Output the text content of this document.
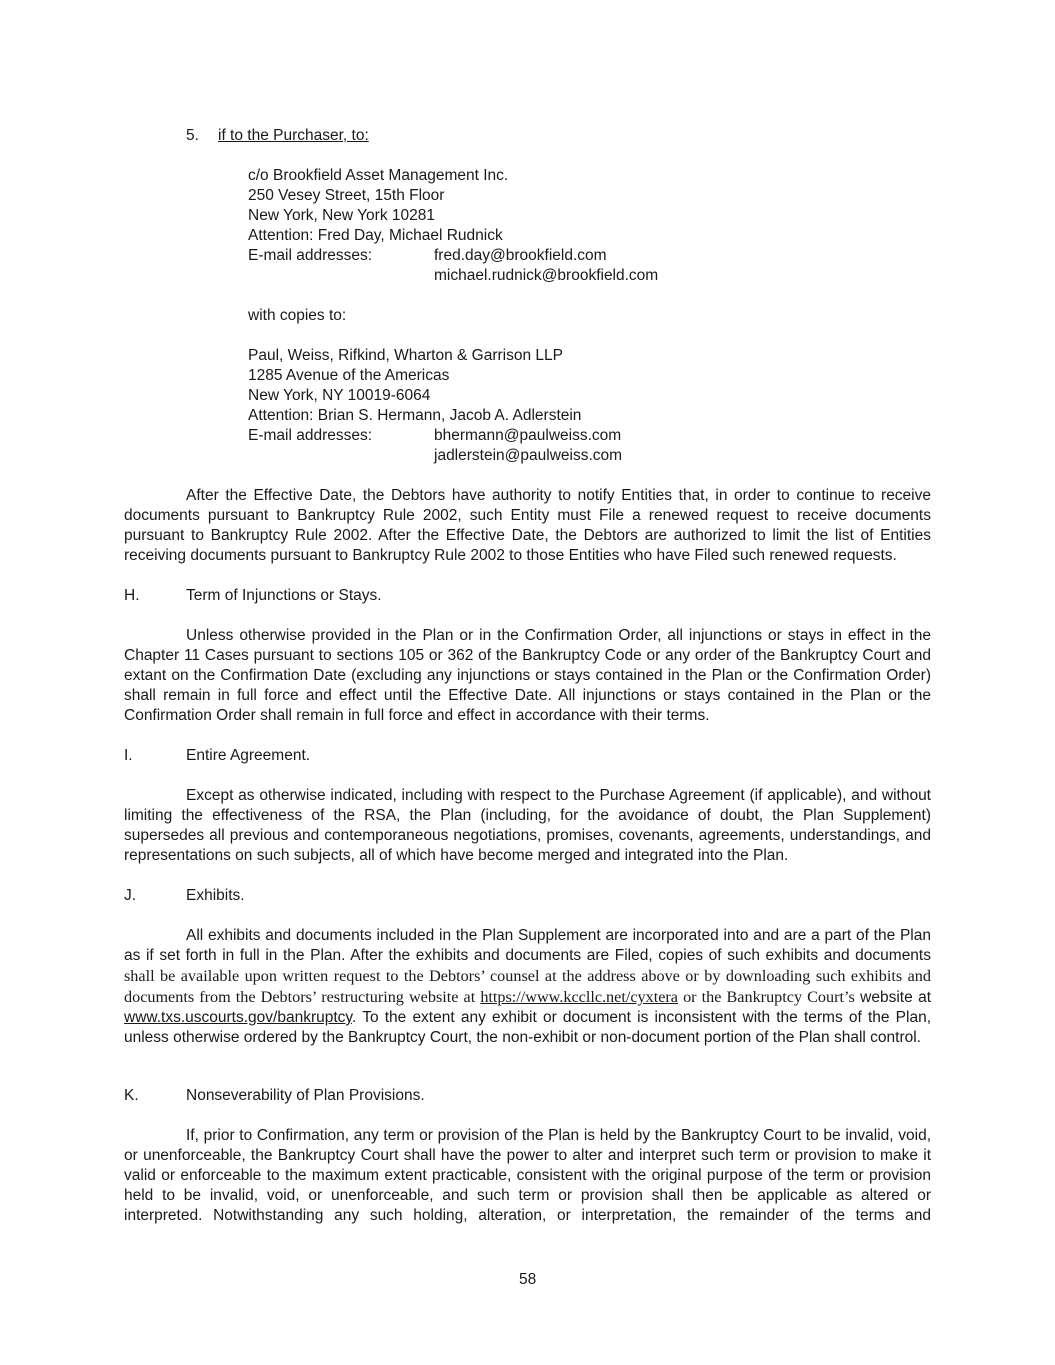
5. if to the Purchaser, to:
c/o Brookfield Asset Management Inc.
250 Vesey Street, 15th Floor
New York, New York 10281
Attention: Fred Day, Michael Rudnick
E-mail addresses:	fred.day@brookfield.com
michael.rudnick@brookfield.com
with copies to:
Paul, Weiss, Rifkind, Wharton & Garrison LLP
1285 Avenue of the Americas
New York, NY 10019-6064
Attention: Brian S. Hermann, Jacob A. Adlerstein
E-mail addresses:	bhermann@paulweiss.com
jadlerstein@paulweiss.com
After the Effective Date, the Debtors have authority to notify Entities that, in order to continue to receive documents pursuant to Bankruptcy Rule 2002, such Entity must File a renewed request to receive documents pursuant to Bankruptcy Rule 2002. After the Effective Date, the Debtors are authorized to limit the list of Entities receiving documents pursuant to Bankruptcy Rule 2002 to those Entities who have Filed such renewed requests.
H.	Term of Injunctions or Stays.
Unless otherwise provided in the Plan or in the Confirmation Order, all injunctions or stays in effect in the Chapter 11 Cases pursuant to sections 105 or 362 of the Bankruptcy Code or any order of the Bankruptcy Court and extant on the Confirmation Date (excluding any injunctions or stays contained in the Plan or the Confirmation Order) shall remain in full force and effect until the Effective Date. All injunctions or stays contained in the Plan or the Confirmation Order shall remain in full force and effect in accordance with their terms.
I.	Entire Agreement.
Except as otherwise indicated, including with respect to the Purchase Agreement (if applicable), and without limiting the effectiveness of the RSA, the Plan (including, for the avoidance of doubt, the Plan Supplement) supersedes all previous and contemporaneous negotiations, promises, covenants, agreements, understandings, and representations on such subjects, all of which have become merged and integrated into the Plan.
J.	Exhibits.
All exhibits and documents included in the Plan Supplement are incorporated into and are a part of the Plan as if set forth in full in the Plan. After the exhibits and documents are Filed, copies of such exhibits and documents shall be available upon written request to the Debtors’ counsel at the address above or by downloading such exhibits and documents from the Debtors’ restructuring website at https://www.kccllc.net/cyxtera or the Bankruptcy Court’s website at www.txs.uscourts.gov/bankruptcy. To the extent any exhibit or document is inconsistent with the terms of the Plan, unless otherwise ordered by the Bankruptcy Court, the non-exhibit or non-document portion of the Plan shall control.
K.	Nonseverability of Plan Provisions.
If, prior to Confirmation, any term or provision of the Plan is held by the Bankruptcy Court to be invalid, void, or unenforceable, the Bankruptcy Court shall have the power to alter and interpret such term or provision to make it valid or enforceable to the maximum extent practicable, consistent with the original purpose of the term or provision held to be invalid, void, or unenforceable, and such term or provision shall then be applicable as altered or interpreted. Notwithstanding any such holding, alteration, or interpretation, the remainder of the terms and
58
